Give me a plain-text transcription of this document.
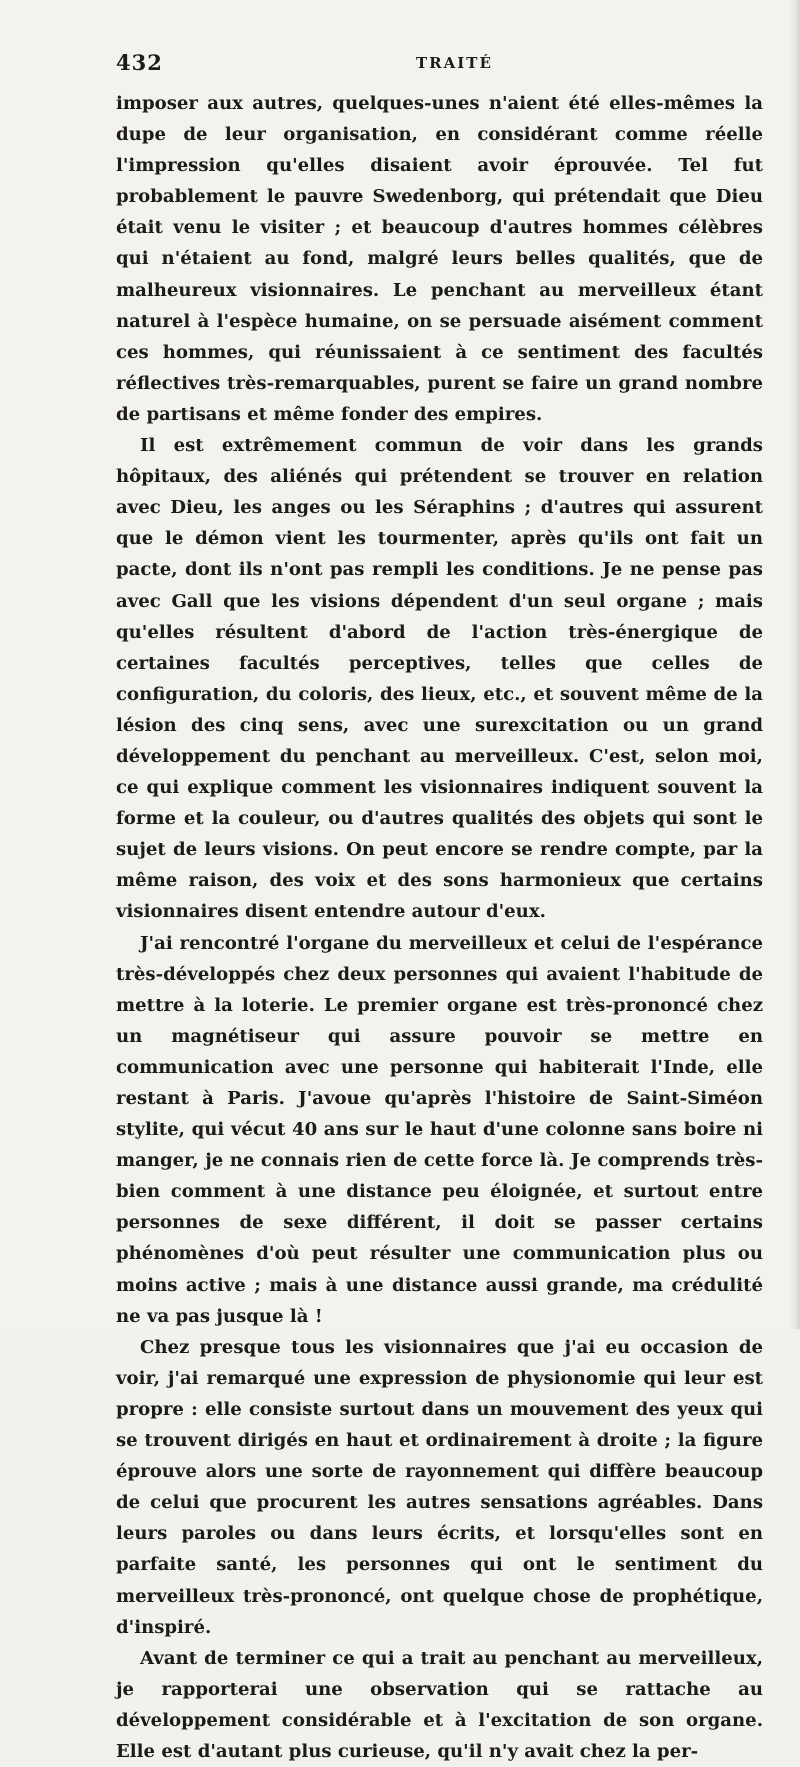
432	TRAITÉ

imposer aux autres, quelques-unes n'aient été elles-mêmes la dupe de leur organisation, en considérant comme réelle l'impression qu'elles disaient avoir éprouvée. Tel fut probablement le pauvre Swedenborg, qui prétendait que Dieu était venu le visiter ; et beaucoup d'autres hommes célèbres qui n'étaient au fond, malgré leurs belles qualités, que de malheureux visionnaires. Le penchant au merveilleux étant naturel à l'espèce humaine, on se persuade aisément comment ces hommes, qui réunissaient à ce sentiment des facultés réflectives très-remarquables, purent se faire un grand nombre de partisans et même fonder des empires.

Il est extrêmement commun de voir dans les grands hôpitaux, des aliénés qui prétendent se trouver en relation avec Dieu, les anges ou les Séraphins ; d'autres qui assurent que le démon vient les tourmenter, après qu'ils ont fait un pacte, dont ils n'ont pas rempli les conditions. Je ne pense pas avec Gall que les visions dépendent d'un seul organe ; mais qu'elles résultent d'abord de l'action très-énergique de certaines facultés perceptives, telles que celles de configuration, du coloris, des lieux, etc., et souvent même de la lésion des cinq sens, avec une surexcitation ou un grand développement du penchant au merveilleux. C'est, selon moi, ce qui explique comment les visionnaires indiquent souvent la forme et la couleur, ou d'autres qualités des objets qui sont le sujet de leurs visions. On peut encore se rendre compte, par la même raison, des voix et des sons harmonieux que certains visionnaires disent entendre autour d'eux.

J'ai rencontré l'organe du merveilleux et celui de l'espérance très-développés chez deux personnes qui avaient l'habitude de mettre à la loterie. Le premier organe est très-prononcé chez un magnétiseur qui assure pouvoir se mettre en communication avec une personne qui habiterait l'Inde, elle restant à Paris. J'avoue qu'après l'histoire de Saint-Siméon stylite, qui vécut 40 ans sur le haut d'une colonne sans boire ni manger, je ne connais rien de cette force là. Je comprends très-bien comment à une distance peu éloignée, et surtout entre personnes de sexe différent, il doit se passer certains phénomènes d'où peut résulter une communication plus ou moins active ; mais à une distance aussi grande, ma crédulité ne va pas jusque là !

Chez presque tous les visionnaires que j'ai eu occasion de voir, j'ai remarqué une expression de physionomie qui leur est propre : elle consiste surtout dans un mouvement des yeux qui se trouvent dirigés en haut et ordinairement à droite ; la figure éprouve alors une sorte de rayonnement qui diffère beaucoup de celui que procurent les autres sensations agréables. Dans leurs paroles ou dans leurs écrits, et lorsqu'elles sont en parfaite santé, les personnes qui ont le sentiment du merveilleux très-prononcé, ont quelque chose de prophétique, d'inspiré.

Avant de terminer ce qui a trait au penchant au merveilleux, je rapporterai une observation qui se rattache au développement considérable et à l'excitation de son organe. Elle est d'autant plus curieuse, qu'il n'y avait chez la per-
